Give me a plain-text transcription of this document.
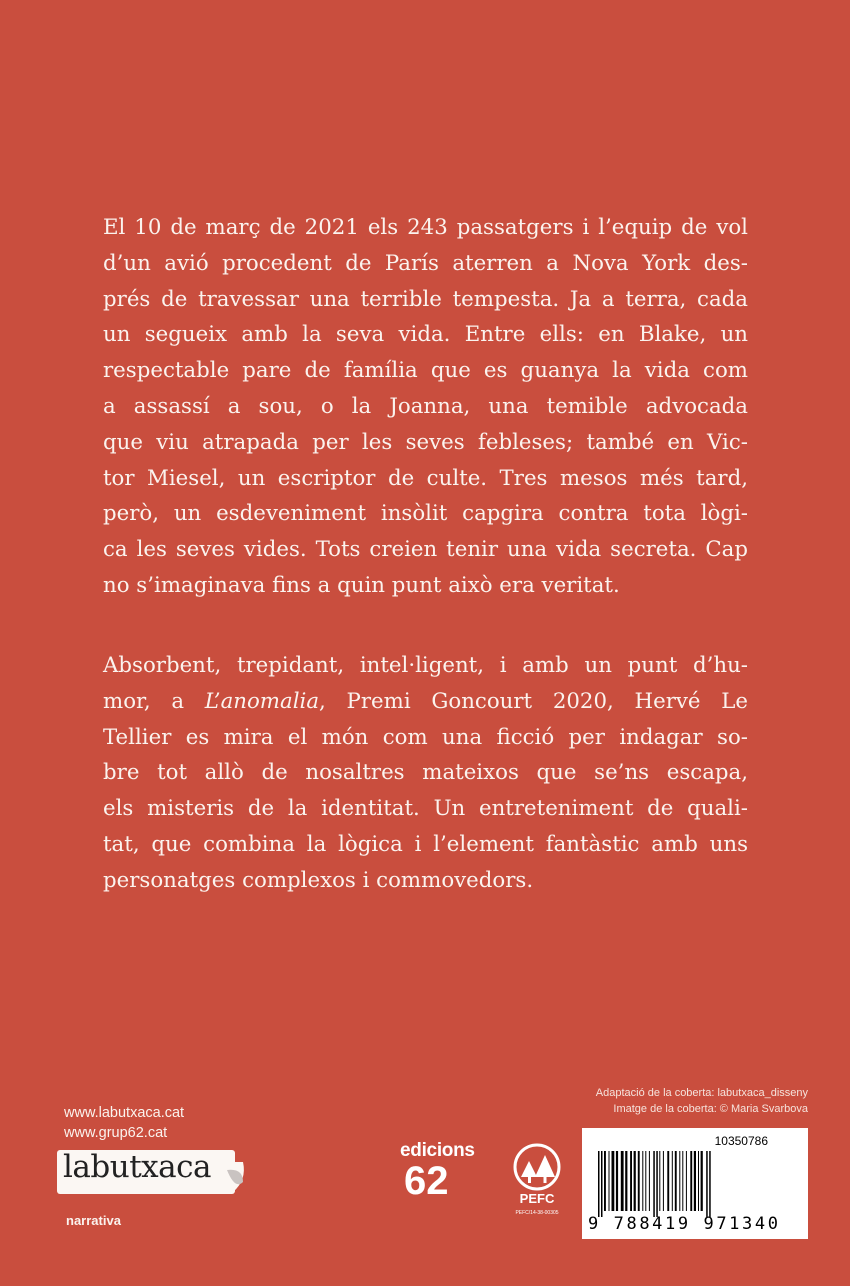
El 10 de març de 2021 els 243 passatgers i l’equip de vol
d’un avió procedent de París aterren a Nova York des-
prés de travessar una terrible tempesta. Ja a terra, cada
un segueix amb la seva vida. Entre ells: en Blake, un
respectable pare de família que es guanya la vida com
a assassí a sou, o la Joanna, una temible advocada
que viu atrapada per les seves febleses; també en Vic-
tor Miesel, un escriptor de culte. Tres mesos més tard,
però, un esdeveniment insòlit capgira contra tota lògi-
ca les seves vides. Tots creien tenir una vida secreta. Cap
no s’imaginava fins a quin punt això era veritat.
Absorbent, trepidant, intel·ligent, i amb un punt d’hu-
mor, a L’anomalia, Premi Goncourt 2020, Hervé Le
Tellier es mira el món com una ficció per indagar so-
bre tot allò de nosaltres mateixos que se’ns escapa,
els misteris de la identitat. Un entreteniment de quali-
tat, que combina la lògica i l’element fantàstic amb uns
personatges complexos i commovedors.
www.labutxaca.cat
www.grup62.cat
labutxaca
narrativa
edicions
62	PEFC
PEFC/14-38-00305
Adaptació de la coberta: labutxaca_disseny
Imatge de la coberta: © Maria Svarbova
10350786
9 788419 971340
